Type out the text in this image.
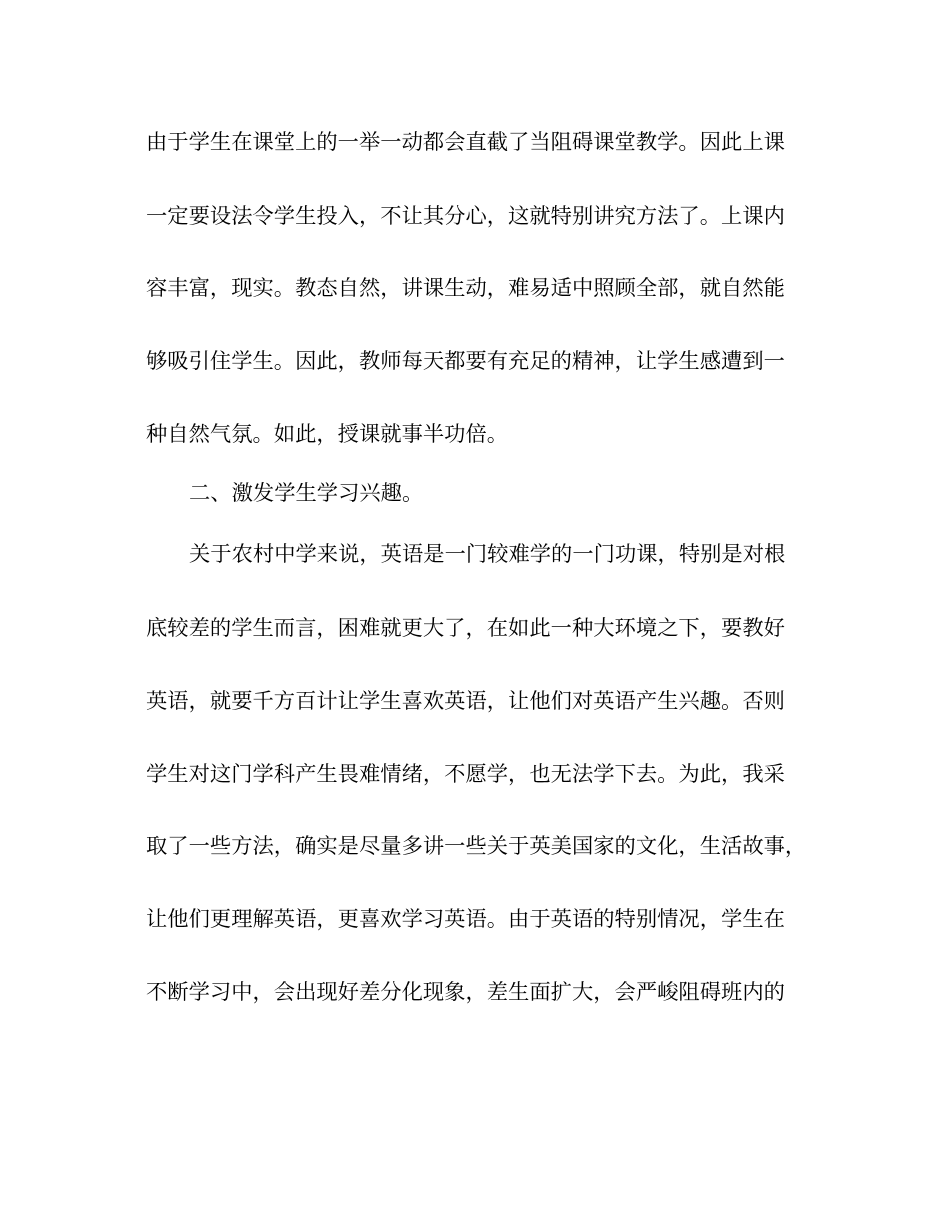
由于学生在课堂上的一举一动都会直截了当阻碍课堂教学。因此上课
一定要设法令学生投入，不让其分心，这就特别讲究方法了。上课内
容丰富，现实。教态自然，讲课生动，难易适中照顾全部，就自然能
够吸引住学生。因此，教师每天都要有充足的精神，让学生感遭到一
种自然气氛。如此，授课就事半功倍。
二、激发学生学习兴趣。
关于农村中学来说，英语是一门较难学的一门功课，特别是对根
底较差的学生而言，困难就更大了，在如此一种大环境之下，要教好
英语，就要千方百计让学生喜欢英语，让他们对英语产生兴趣。否则
学生对这门学科产生畏难情绪，不愿学，也无法学下去。为此，我采
取了一些方法，确实是尽量多讲一些关于英美国家的文化，生活故事，
让他们更理解英语，更喜欢学习英语。由于英语的特别情况，学生在
不断学习中，会出现好差分化现象，差生面扩大，会严峻阻碍班内的
